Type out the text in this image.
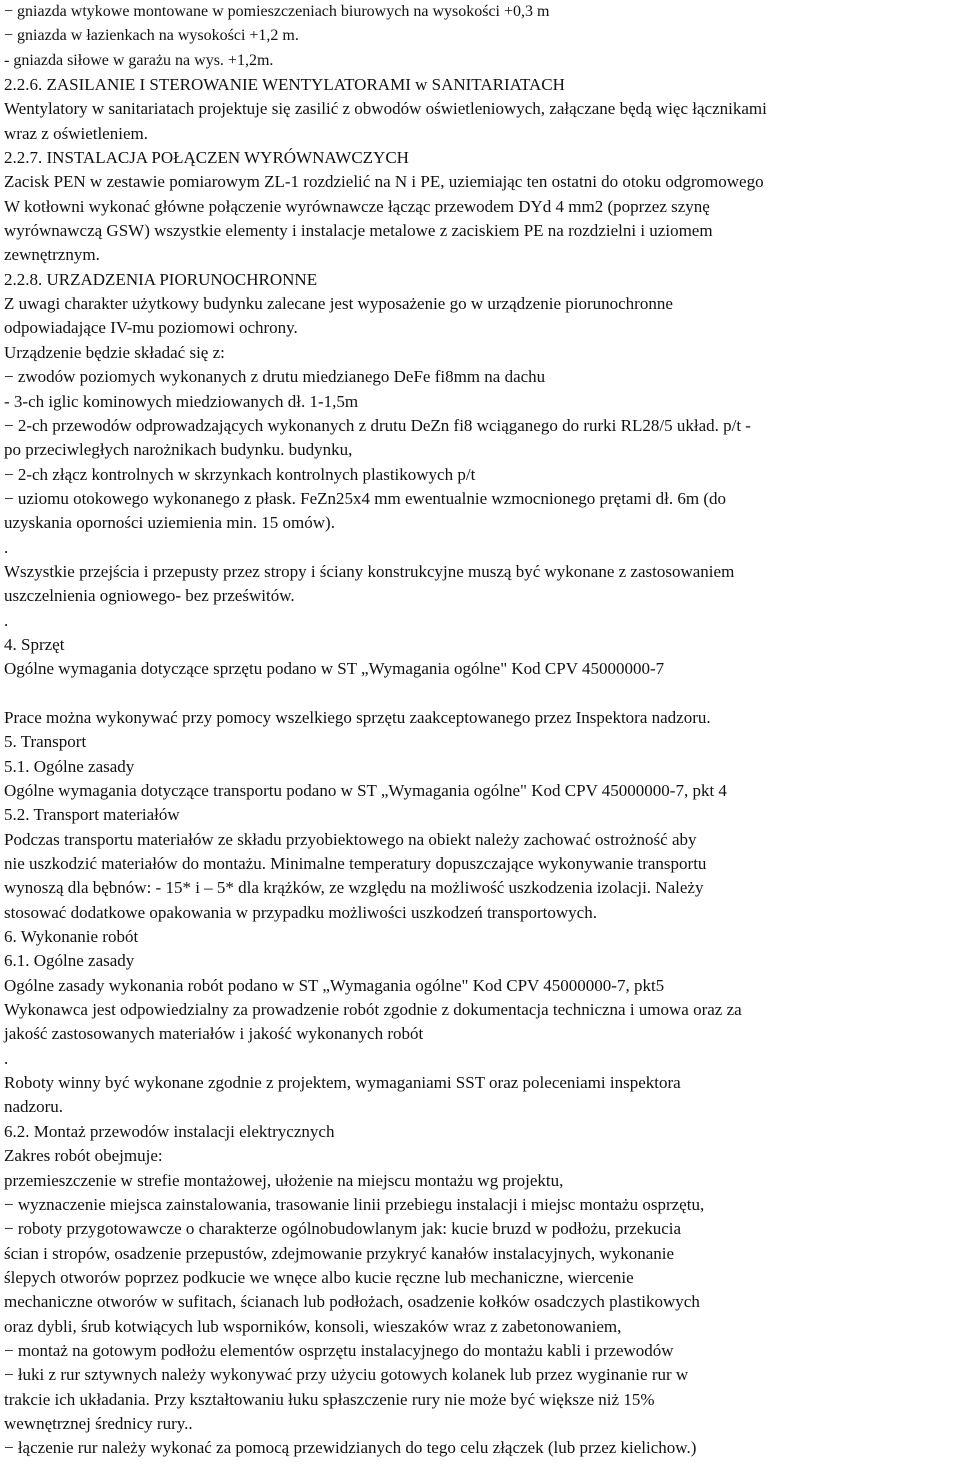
− gniazda wtykowe montowane w pomieszczeniach biurowych na wysokości +0,3 m
− gniazda w łazienkach na wysokości +1,2 m.
- gniazda siłowe w garażu na wys. +1,2m.
2.2.6. ZASILANIE I STEROWANIE WENTYLATORAMI w SANITARIATACH
Wentylatory w sanitariatach projektuje się zasilić z obwodów oświetleniowych, załączane będą więc łącznikami
wraz z oświetleniem.
2.2.7. INSTALACJA POŁĄCZEN WYRÓWNAWCZYCH
Zacisk PEN w zestawie pomiarowym ZL-1 rozdzielić na N i PE, uziemiając ten ostatni do otoku odgromowego
W kotłowni wykonać główne połączenie wyrównawcze łącząc przewodem DYd 4 mm2 (poprzez szynę
wyrównawczą GSW) wszystkie elementy i instalacje metalowe z zaciskiem PE na rozdzielni i uziomem
zewnętrznym.
2.2.8. URZADZENIA PIORUNOCHRONNE
Z uwagi charakter użytkowy budynku zalecane jest wyposażenie go w urządzenie piorunochronne
odpowiadające IV-mu poziomowi ochrony.
Urządzenie będzie składać się z:
− zwodów poziomych wykonanych z drutu miedzianego DeFe fi8mm na dachu
- 3-ch iglic kominowych miedziowanych dł. 1-1,5m
− 2-ch przewodów odprowadzających wykonanych z drutu DeZn fi8 wciąganego do rurki RL28/5 układ. p/t -
po przeciwległych narożnikach budynku. budynku,
− 2-ch złącz kontrolnych w skrzynkach kontrolnych plastikowych p/t
− uziomu otokowego wykonanego z płask. FeZn25x4 mm ewentualnie wzmocnionego prętami dł. 6m (do
uzyskania oporności uziemienia min. 15 omów).
.
Wszystkie przejścia i przepusty przez stropy i ściany konstrukcyjne muszą być wykonane z zastosowaniem
uszczelnienia ogniowego- bez prześwitów.
.
4. Sprzęt
Ogólne wymagania dotyczące sprzętu podano w ST „Wymagania ogólne" Kod CPV 45000000-7
Prace można wykonywać przy pomocy wszelkiego sprzętu zaakceptowanego przez Inspektora nadzoru.
5. Transport
5.1. Ogólne zasady
Ogólne wymagania dotyczące transportu podano w ST „Wymagania ogólne" Kod CPV 45000000-7, pkt 4
5.2. Transport materiałów
Podczas transportu materiałów ze składu przyobiektowego na obiekt należy zachować ostrożność aby
nie uszkodzić materiałów do montażu. Minimalne temperatury dopuszczające wykonywanie transportu
wynoszą dla bębnów: - 15* i – 5* dla krążków, ze względu na możliwość uszkodzenia izolacji. Należy
stosować dodatkowe opakowania w przypadku możliwości uszkodzeń transportowych.
6. Wykonanie robót
6.1. Ogólne zasady
Ogólne zasady wykonania robót podano w ST „Wymagania ogólne" Kod CPV 45000000-7, pkt5
Wykonawca jest odpowiedzialny za prowadzenie robót zgodnie z dokumentacja techniczna i umowa oraz za
jakość zastosowanych materiałów i jakość wykonanych robót
.
Roboty winny być wykonane zgodnie z projektem, wymaganiami SST oraz poleceniami inspektora
nadzoru.
6.2. Montaż przewodów instalacji elektrycznych
Zakres robót obejmuje:
przemieszczenie w strefie montażowej, ułożenie na miejscu montażu wg projektu,
− wyznaczenie miejsca zainstalowania, trasowanie linii przebiegu instalacji i miejsc montażu osprzętu,
− roboty przygotowawcze o charakterze ogólnobudowlanym jak: kucie bruzd w podłożu, przekucia
ścian i stropów, osadzenie przepustów, zdejmowanie przykryć kanałów instalacyjnych, wykonanie
ślepych otworów poprzez podkucie we wnęce albo kucie ręczne lub mechaniczne, wiercenie
mechaniczne otworów w sufitach, ścianach lub podłożach, osadzenie kołków osadczych plastikowych
oraz dybli, śrub kotwiących lub wsporników, konsoli, wieszaków wraz z zabetonowaniem,
− montaż na gotowym podłożu elementów osprzętu instalacyjnego do montażu kabli i przewodów
− łuki z rur sztywnych należy wykonywać przy użyciu gotowych kolanek lub przez wyginanie rur w
trakcie ich układania. Przy kształtowaniu łuku spłaszczenie rury nie może być większe niż 15%
wewnętrznej średnicy rury..
− łączenie rur należy wykonać za pomocą przewidzianych do tego celu złączek (lub przez kielichow.)
